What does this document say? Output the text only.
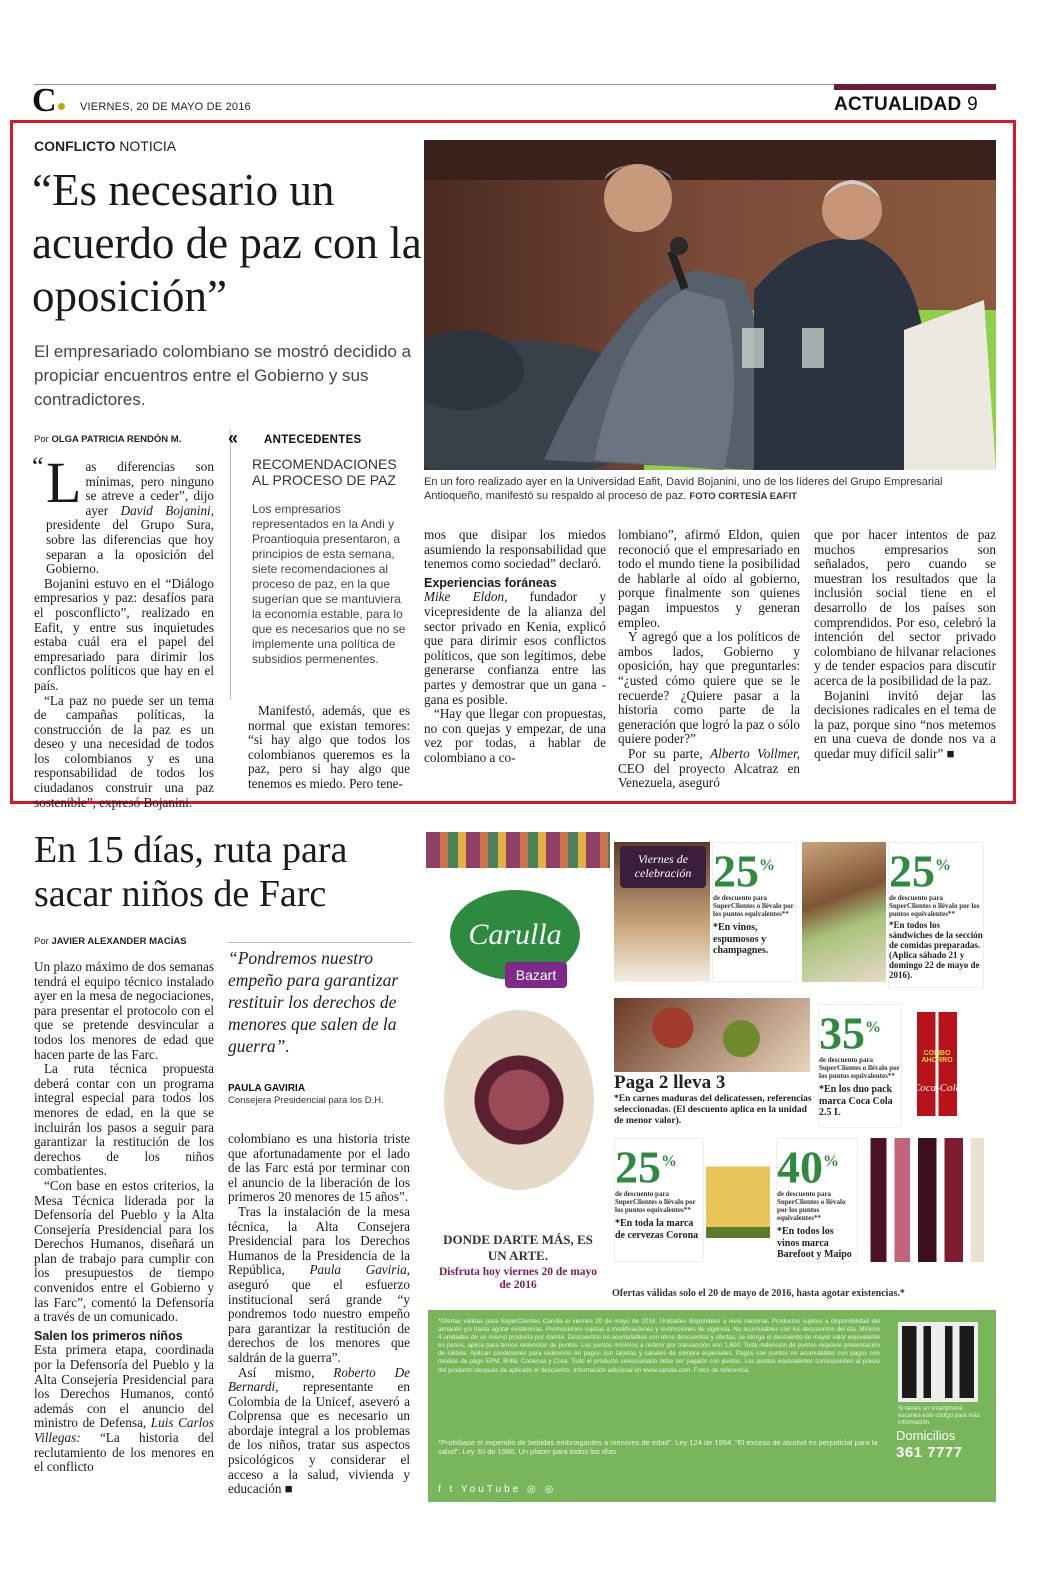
C● VIERNES, 20 DE MAYO DE 2016	ACTUALIDAD 9
CONFLICTO NOTICIA
“Es necesario un acuerdo de paz con la oposición”
El empresariado colombiano se mostró decidido a propiciar encuentros entre el Gobierno y sus contradictores.
Por OLGA PATRICIA RENDÓN M.

“ L as diferencias son mínimas, pero ninguno se atreve a ceder”, dijo ayer David Bojanini, presidente del Grupo Sura, sobre las diferencias que hoy separan a la oposición del Gobierno.

Bojanini estuvo en el “Diálogo empresarios y paz: desafíos para el posconflicto”, realizado en Eafit, y entre sus inquietudes estaba cuál era el papel del empresariado para dirimir los conflictos políticos que hay en el país.

“La paz no puede ser un tema de campañas políticas, la construcción de la paz es un deseo y una necesidad de todos los colombianos y es una responsabilidad de todos los ciudadanos construir una paz sostenible”, expresó Bojanini.

« ANTECEDENTES
RECOMENDACIONES AL PROCESO DE PAZ
Los empresarios representados en la Andi y Proantioquia presentaron, a principios de esta semana, siete recomendaciones al proceso de paz, en la que sugerían que se mantuviera la economía estable, para lo que es necesarios que no se implemente una política de subsidios permenentes.

Manifestó, además, que es normal que existan temores: “si hay algo que todos los colombianos queremos es la paz, pero si hay algo que tenemos es miedo. Pero tene-

En un foro realizado ayer en la Universidad Eafit, David Bojanini, uno de los líderes del Grupo Empresarial Antioqueño, manifestó su respaldo al proceso de paz. FOTO CORTESÍA EAFIT

mos que disipar los miedos asumiendo la responsabilidad que tenemos como sociedad” declaró.

Experiencias foráneas

Mike Eldon, fundador y vicepresidente de la alianza del sector privado en Kenia, explicó que para dirimir esos conflictos políticos, que son legítimos, debe generarse confianza entre las partes y demostrar que un gana - gana es posible.

“Hay que llegar con propuestas, no con quejas y empezar, de una vez por todas, a hablar de colombiano a co-

lombiano”, afirmó Eldon, quien reconoció que el empresariado en todo el mundo tiene la posibilidad de hablarle al oído al gobierno, porque finalmente son quienes pagan impuestos y generan empleo.

Y agregó que a los políticos de ambos lados, Gobierno y oposición, hay que preguntarles: “¿usted cómo quiere que se le recuerde? ¿Quiere pasar a la historia como parte de la generación que logró la paz o sólo quiere poder?”

Por su parte, Alberto Vollmer, CEO del proyecto Alcatraz en Venezuela, aseguró

que por hacer intentos de paz muchos empresarios son señalados, pero cuando se muestran los resultados que la inclusión social tiene en el desarrollo de los países son comprendidos. Por eso, celebró la intención del sector privado colombiano de hilvanar relaciones y de tender espacios para discutir acerca de la posibilidad de la paz.

Bojanini invitó dejar las decisiones radicales en el tema de la paz, porque sino “nos metemos en una cueva de donde nos va a quedar muy difícil salir” ■

En 15 días, ruta para sacar niños de Farc
Por JAVIER ALEXANDER MACÍAS

Un plazo máximo de dos semanas tendrá el equipo técnico instalado ayer en la mesa de negociaciones, para presentar el protocolo con el que se pretende desvincular a todos los menores de edad que hacen parte de las Farc.

La ruta técnica propuesta deberá contar con un programa integral especial para todos los menores de edad, en la que se incluirán los pasos a seguir para garantizar la restitución de los derechos de los niños combatientes.

“Con base en estos criterios, la Mesa Técnica liderada por la Defensoría del Pueblo y la Alta Consejería Presidencial para los Derechos Humanos, diseñará un plan de trabajo para cumplir con los presupuestos de tiempo convenidos entre el Gobierno y las Farc”, comentó la Defensoría a través de un comunicado.

Salen los primeros niños

Esta primera etapa, coordinada por la Defensoría del Pueblo y la Alta Consejería Presidencial para los Derechos Humanos, contó además con el anuncio del ministro de Defensa, Luis Carlos Villegas: “La historia del reclutamiento de los menores en el conflicto

“Pondremos nuestro empeño para garantizar restituir los derechos de menores que salen de la guerra”.
PAULA GAVIRIA
Consejera Presidencial para los D.H.

colombiano es una historia triste que afortunadamente por el lado de las Farc está por terminar con el anuncio de la liberación de los primeros 20 menores de 15 años”.

Tras la instalación de la mesa técnica, la Alta Consejera Presidencial para los Derechos Humanos de la Presidencia de la República, Paula Gaviria, aseguró que el esfuerzo institucional será grande “y pondremos todo nuestro empeño para garantizar la restitución de derechos de los menores que saldrán de la guerra”.

Así mismo, Roberto De Bernardi, representante en Colombia de la Unicef, aseveró a Colprensa que es necesario un abordaje integral a los problemas de los niños, tratar sus aspectos psicológicos y considerar el acceso a la salud, vivienda y educación ■

Carulla
Bazart
DONDE DARTE MÁS, ES UN ARTE.
Disfruta hoy viernes 20 de mayo de 2016
Viernes de celebración 25%
de descuento para SuperClientes o llévalo por los puntos equivalentes**
*En vinos, espumosos y champagnes.
25%
de descuento para SuperClientes o llévalo por los puntos equivalentes**
*En todos los sándwiches de la sección de comidas preparadas. (Aplica sábado 21 y domingo 22 de mayo de 2016).
Paga 2 lleva 3
*En carnes maduras del delicatessen, referencias seleccionadas. (El descuento aplica en la unidad de menor valor).
35%
de descuento para SuperClientes o llévalo por los puntos equivalentes**
*En los duo pack marca Coca Cola 2.5 L
COMBO AHORRO
Coca-Cola
25%
de descuento para SuperClientes o llévalo por los puntos equivalentes**
*En toda la marca de cervezas Corona
40%
de descuento para SuperClientes o llévalo por los puntos equivalentes**
*En todos los vinos marca Barefoot y Maipo
Ofertas válidas solo el 20 de mayo de 2016, hasta agotar existencias.*
*Ofertas válidas para SuperClientes Carulla el viernes 20 de mayo de 2016. Unidades disponibles a nivel nacional. Productos sujetos a disponibilidad del almacén y/o hasta agotar existencias. Promociones sujetas a modificaciones y restricciones de vigencia. No acumulables con los descuentos del día. Mínimo 4 unidades de un mismo producto por cliente. Descuentos no acumulables con otros descuentos y ofertas, se otorga el descuento de mayor valor equivalente en pesos, aplica para bonos redención de puntos. Los puntos mínimos a redimir por transacción son 1.600. Toda redención de puntos requiere presentación de cédula. Aplican condiciones para redención en pagos con tarjetas y canales de compra especiales. Pagos con puntos no acumulables con pagos con medios de pago EPM, Brilla, Codensa y Crea. Todo el producto seleccionado debe ser pagado con puntos. Los puntos equivalentes corresponden al precio del producto después de aplicado el descuento. Información adicional en www.carulla.com. Fotos de referencia.
*Prohíbase el expendio de bebidas embriagantes a menores de edad”. Ley 124 de 1994. “El exceso de alcohol es perjudicial para la salud”. Ley 30 de 1986. Un placer para todos los días
Si tienes un smartphone, escanea este código para más información.
Domicilios
361 7777
f t YouTube ◎ ◎
